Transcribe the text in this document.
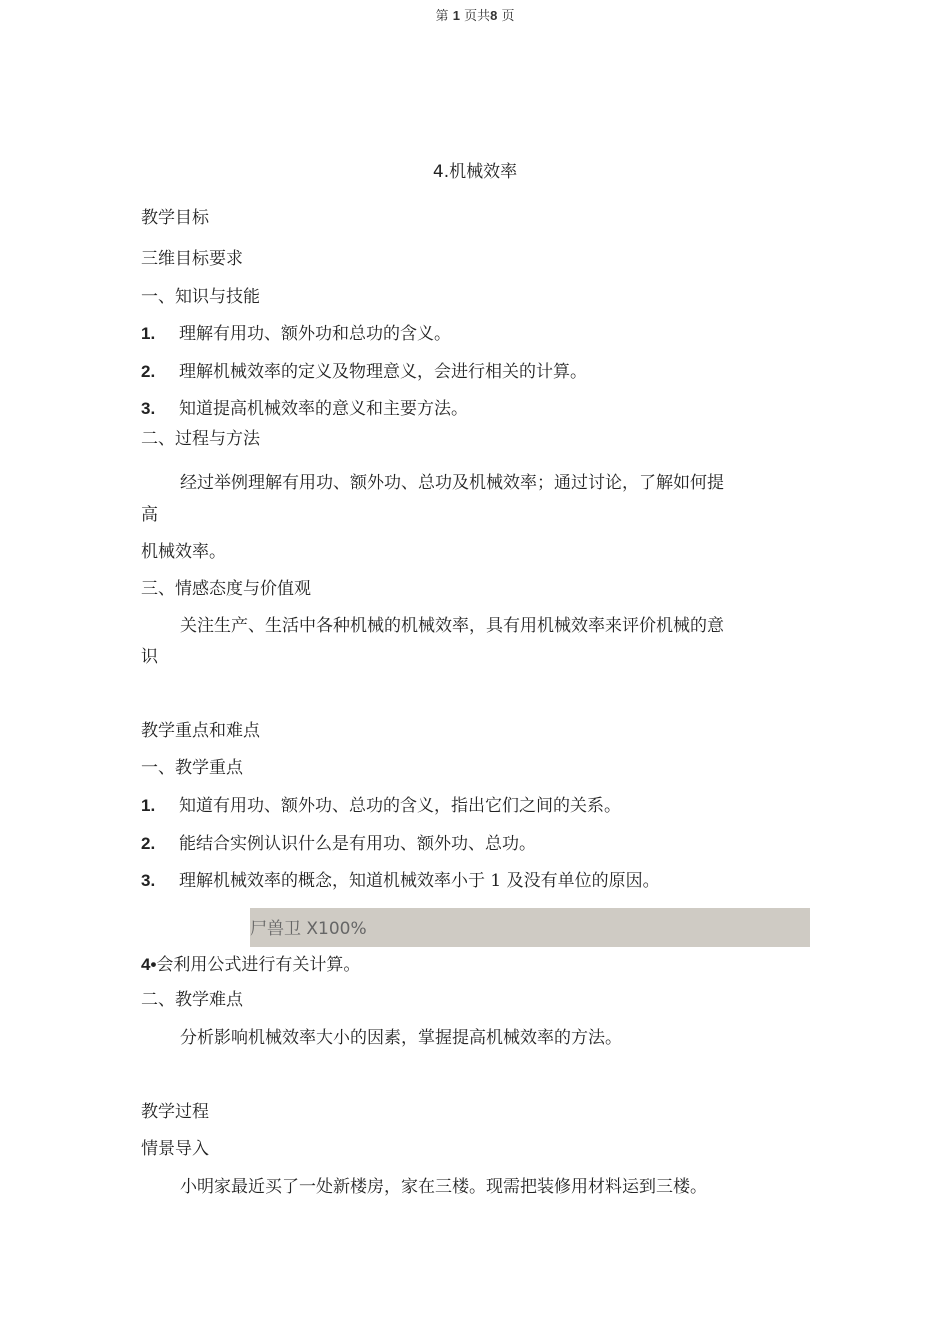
第 1 页共8 页
4.机械效率
教学目标
三维目标要求
一、知识与技能
1. 理解有用功、额外功和总功的含义。
2. 理解机械效率的定义及物理意义，会进行相关的计算。
3. 知道提高机械效率的意义和主要方法。
二、过程与方法
经过举例理解有用功、额外功、总功及机械效率；通过讨论，了解如何提
高
机械效率。
三、情感态度与价值观
关注生产、生活中各种机械的机械效率，具有用机械效率来评价机械的意
识
教学重点和难点
一、教学重点
1. 知道有用功、额外功、总功的含义，指出它们之间的关系。
2. 能结合实例认识什么是有用功、额外功、总功。
3. 理解机械效率的概念，知道机械效率小于 1 及没有单位的原因。
尸兽卫 X100%
4•会利用公式进行有关计算。
二、教学难点
分析影响机械效率大小的因素，掌握提高机械效率的方法。
教学过程
情景导入
小明家最近买了一处新楼房，家在三楼。现需把装修用材料运到三楼。
